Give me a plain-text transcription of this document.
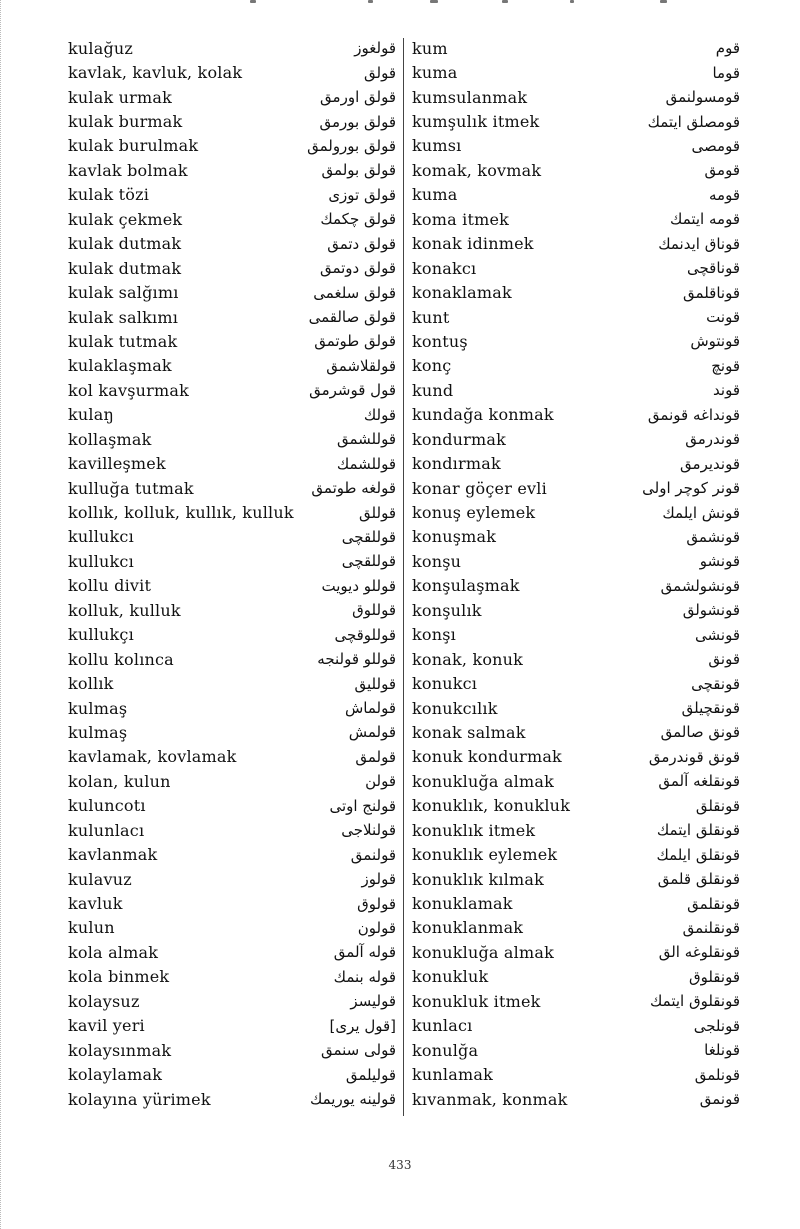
kulağuz	قولغوز
kavlak, kavluk, kolak	قولق
kulak urmak	قولق اورمق
kulak burmak	قولق بورمق
kulak burulmak	قولق بورولمق
kavlak bolmak	قولق بولمق
kulak tözi	قولق توزی
kulak çekmek	قولق چكمك
kulak dutmak	قولق دتمق
kulak dutmak	قولق دوتمق
kulak salğımı	قولق سلغمی
kulak salkımı	قولق صالقمی
kulak tutmak	قولق طوتمق
kulaklaşmak	قولقلاشمق
kol kavşurmak	قول قوشرمق
kulaŋ	قولك
kollaşmak	قوللشمق
kavilleşmek	قوللشمك
kulluğa tutmak	قولغه طوتمق
kollık, kolluk, kullık, kulluk	قوللق
kullukcı	قوللقچی
kullukcı	قوللقچی
kollu divit	قوللو دیویت
kolluk, kulluk	قوللوق
kullukçı	قوللوقچی
kollu kolınca	قوللو قولنجه
kollık	قوللیق
kulmaş	قولماش
kulmaş	قولمش
kavlamak, kovlamak	قولمق
kolan, kulun	قولن
kuluncotı	قولنج اوتی
kulunlacı	قولنلاجی
kavlanmak	قولنمق
kulavuz	قولوز
kavluk	قولوق
kulun	قولون
kola almak	قوله آلمق
kola binmek	قوله بنمك
kolaysuz	قولیسز
kavil yeri	[قول یری]
kolaysınmak	قولی سنمق
kolaylamak	قولیلمق
kolayına yürimek	قولینه یوریمك
kum	قوم
kuma	قوما
kumsulanmak	قومسولنمق
kumşulık itmek	قومصلق ایتمك
kumsı	قومصی
komak, kovmak	قومق
kuma	قومه
koma itmek	قومه ایتمك
konak idinmek	قوناق ایدنمك
konakcı	قوناقچی
konaklamak	قوناقلمق
kunt	قونت
kontuş	قونتوش
konç	قونچ
kund	قوند
kundağa konmak	قونداغه قونمق
kondurmak	قوندرمق
kondırmak	قوندیرمق
konar göçer evli	قونر كوچر اولی
konuş eylemek	قونش ایلمك
konuşmak	قونشمق
konşu	قونشو
konşulaşmak	قونشولشمق
konşulık	قونشولق
konşı	قونشی
konak, konuk	قونق
konukcı	قونقچی
konukcılık	قونقچیلق
konak salmak	قونق صالمق
konuk kondurmak	قونق قوندرمق
konukluğa almak	قونقلغه آلمق
konuklık, konukluk	قونقلق
konuklık itmek	قونقلق ایتمك
konuklık eylemek	قونقلق ایلمك
konuklık kılmak	قونقلق قلمق
konuklamak	قونقلمق
konuklanmak	قونقلنمق
konukluğa almak	قونقلوغه الق
konukluk	قونقلوق
konukluk itmek	قونقلوق ایتمك
kunlacı	قونلجی
konulğa	قونلغا
kunlamak	قونلمق
kıvanmak, konmak	قونمق
433
